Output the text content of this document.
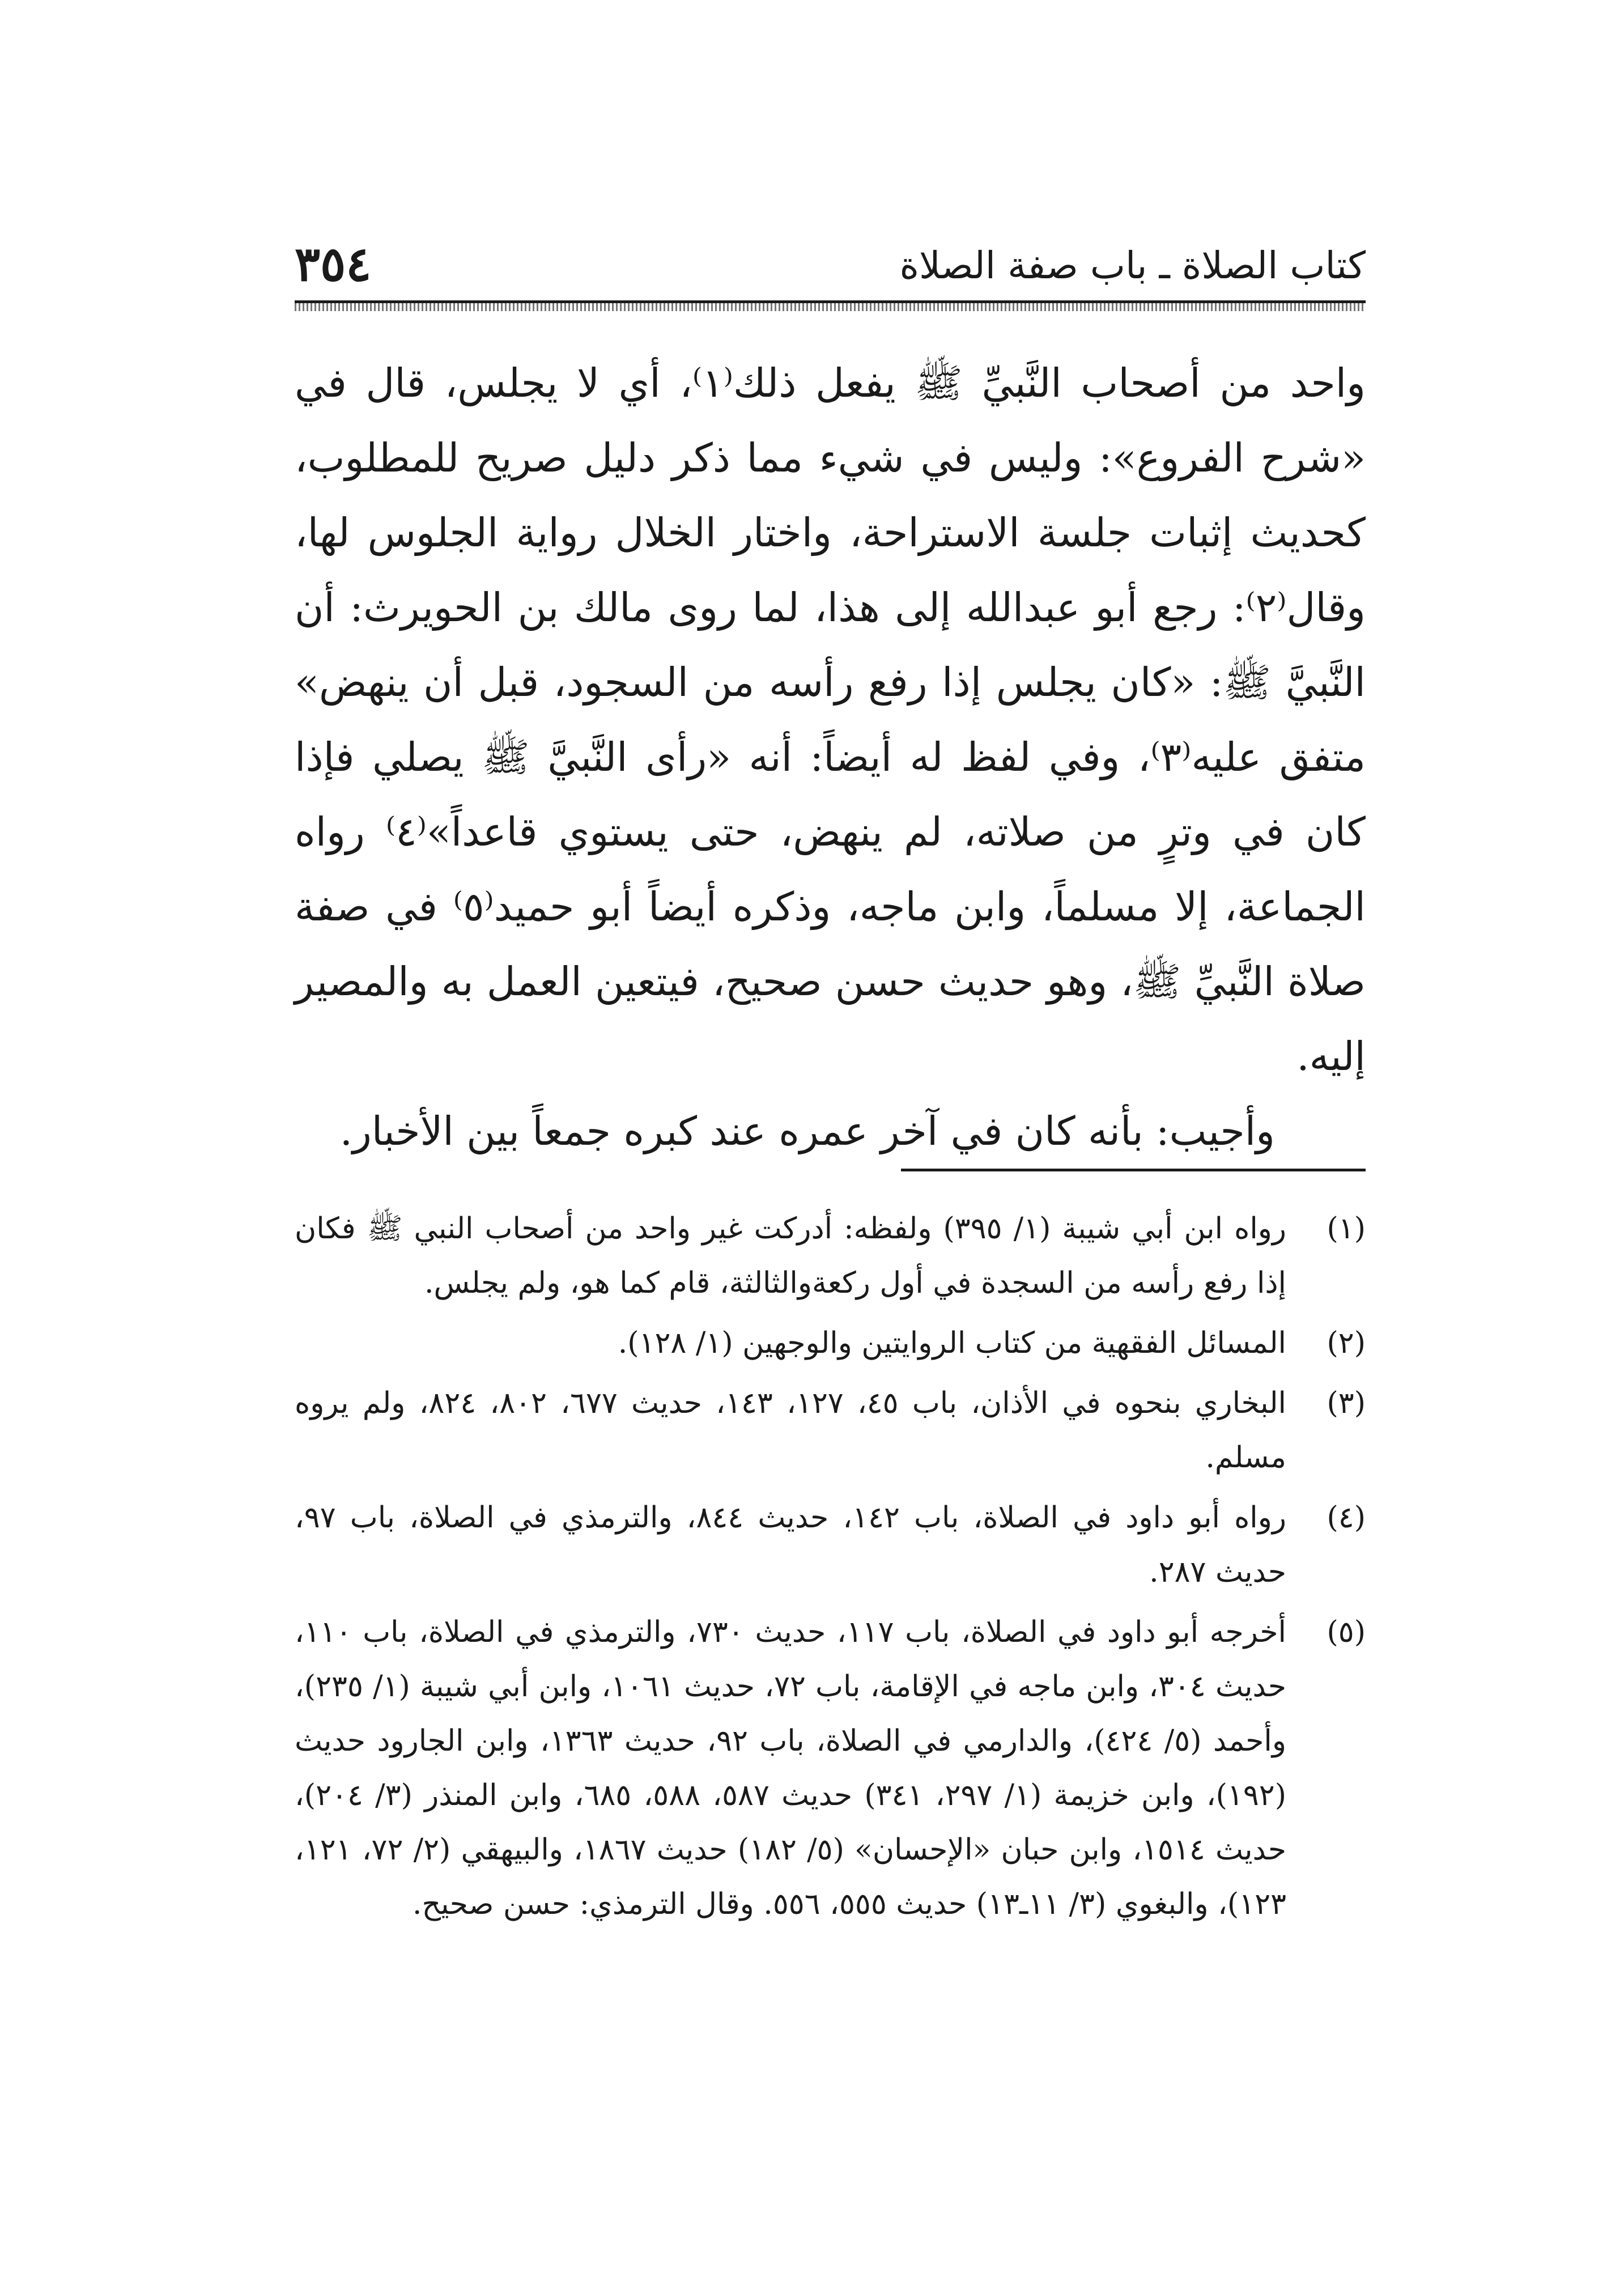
كتاب الصلاة ـ باب صفة الصلاة
٣٥٤

واحد من أصحاب النَّبيِّ ﷺ يفعل ذلك⁽١⁾، أي لا يجلس، قال في «شرح الفروع»: وليس في شيء مما ذكر دليل صريح للمطلوب، كحديث إثبات جلسة الاستراحة، واختار الخلال رواية الجلوس لها، وقال⁽٢⁾: رجع أبو عبدالله إلى هذا، لما روى مالك بن الحويرث: أن النَّبيَّ ﷺ: «كان يجلس إذا رفع رأسه من السجود، قبل أن ينهض» متفق عليه⁽٣⁾، وفي لفظ له أيضاً: أنه «رأى النَّبيَّ ﷺ يصلي فإذا كان في وترٍ من صلاته، لم ينهض، حتى يستوي قاعداً»⁽٤⁾ رواه الجماعة، إلا مسلماً، وابن ماجه، وذكره أيضاً أبو حميد⁽٥⁾ في صفة صلاة النَّبيِّ ﷺ، وهو حديث حسن صحيح، فيتعين العمل به والمصير إليه.

وأجيب: بأنه كان في آخر عمره عند كبره جمعاً بين الأخبار.

(١)
رواه ابن أبي شيبة (١/ ٣٩٥) ولفظه: أدركت غير واحد من أصحاب النبي ﷺ فكان إذا رفع رأسه من السجدة في أول ركعةوالثالثة، قام كما هو، ولم يجلس.
(٢)
المسائل الفقهية من كتاب الروايتين والوجهين (١/ ١٢٨).
(٣)
البخاري بنحوه في الأذان، باب ٤٥، ١٢٧، ١٤٣، حديث ٦٧٧، ٨٠٢، ٨٢٤، ولم يروه مسلم.
(٤)
رواه أبو داود في الصلاة، باب ١٤٢، حديث ٨٤٤، والترمذي في الصلاة، باب ٩٧، حديث ٢٨٧.
(٥)
أخرجه أبو داود في الصلاة، باب ١١٧، حديث ٧٣٠، والترمذي في الصلاة، باب ١١٠، حديث ٣٠٤، وابن ماجه في الإقامة، باب ٧٢، حديث ١٠٦١، وابن أبي شيبة (١/ ٢٣٥)، وأحمد (٥/ ٤٢٤)، والدارمي في الصلاة، باب ٩٢، حديث ١٣٦٣، وابن الجارود حديث (١٩٢)، وابن خزيمة (١/ ٢٩٧، ٣٤١) حديث ٥٨٧، ٥٨٨، ٦٨٥، وابن المنذر (٣/ ٢٠٤)، حديث ١٥١٤، وابن حبان «الإحسان» (٥/ ١٨٢) حديث ١٨٦٧، والبيهقي (٢/ ٧٢، ١٢١، ١٢٣)، والبغوي (٣/ ١١ـ١٣) حديث ٥٥٥، ٥٥٦. وقال الترمذي: حسن صحيح.
